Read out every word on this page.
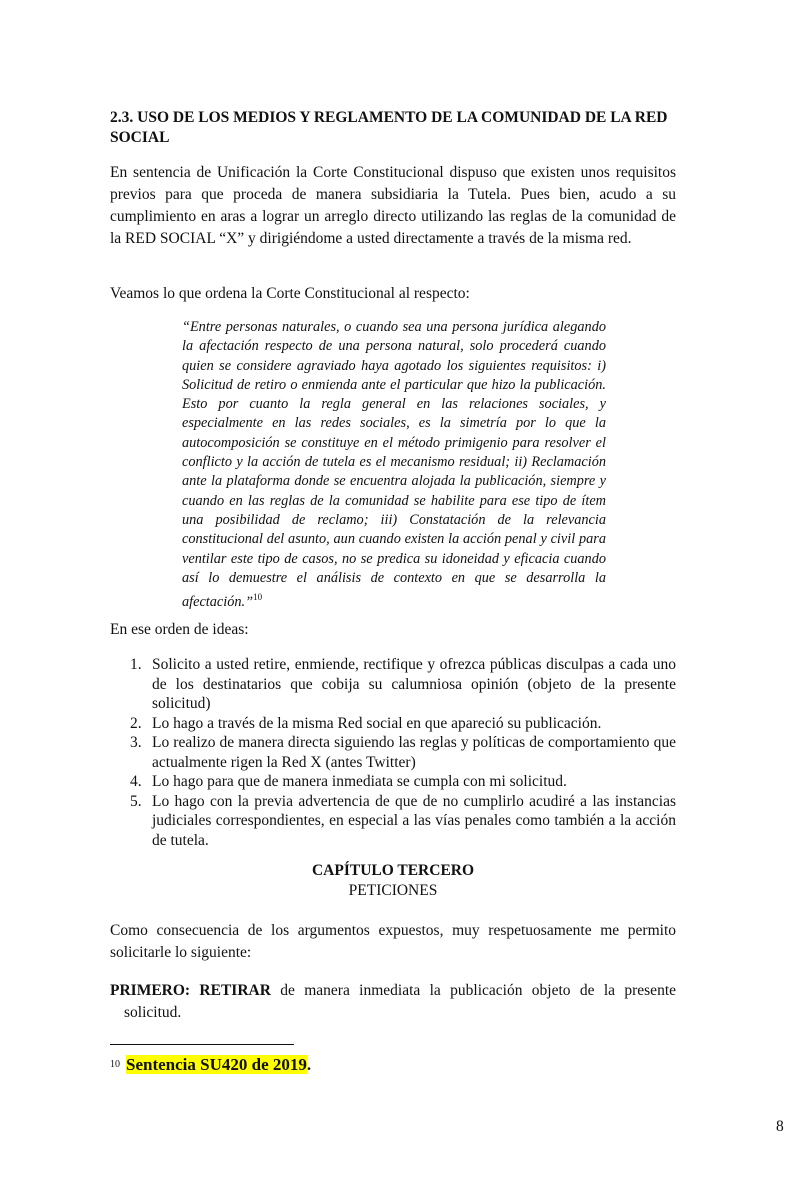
2.3. USO DE LOS MEDIOS Y REGLAMENTO DE LA COMUNIDAD DE LA RED SOCIAL
En sentencia de Unificación la Corte Constitucional dispuso que existen unos requisitos previos para que proceda de manera subsidiaria la Tutela. Pues bien, acudo a su cumplimiento en aras a lograr un arreglo directo utilizando las reglas de la comunidad de la RED SOCIAL “X” y dirigiéndome a usted directamente a través de la misma red.
Veamos lo que ordena la Corte Constitucional al respecto:
“Entre personas naturales, o cuando sea una persona jurídica alegando la afectación respecto de una persona natural, solo procederá cuando quien se considere agraviado haya agotado los siguientes requisitos: i) Solicitud de retiro o enmienda ante el particular que hizo la publicación. Esto por cuanto la regla general en las relaciones sociales, y especialmente en las redes sociales, es la simetría por lo que la autocomposición se constituye en el método primigenio para resolver el conflicto y la acción de tutela es el mecanismo residual; ii) Reclamación ante la plataforma donde se encuentra alojada la publicación, siempre y cuando en las reglas de la comunidad se habilite para ese tipo de ítem una posibilidad de reclamo; iii) Constatación de la relevancia constitucional del asunto, aun cuando existen la acción penal y civil para ventilar este tipo de casos, no se predica su idoneidad y eficacia cuando así lo demuestre el análisis de contexto en que se desarrolla la afectación.”$^{10}$
En ese orden de ideas:
1. Solicito a usted retire, enmiende, rectifique y ofrezca públicas disculpas a cada uno de los destinatarios que cobija su calumniosa opinión (objeto de la presente solicitud)
2. Lo hago a través de la misma Red social en que apareció su publicación.
3. Lo realizo de manera directa siguiendo las reglas y políticas de comportamiento que actualmente rigen la Red X (antes Twitter)
4. Lo hago para que de manera inmediata se cumpla con mi solicitud.
5. Lo hago con la previa advertencia de que de no cumplirlo acudiré a las instancias judiciales correspondientes, en especial a las vías penales como también a la acción de tutela.
CAPÍTULO TERCERO
PETICIONES
Como consecuencia de los argumentos expuestos, muy respetuosamente me permito solicitarle lo siguiente:
PRIMERO: RETIRAR de manera inmediata la publicación objeto de la presente solicitud.
$^{10}$ Sentencia SU420 de 2019.
8
